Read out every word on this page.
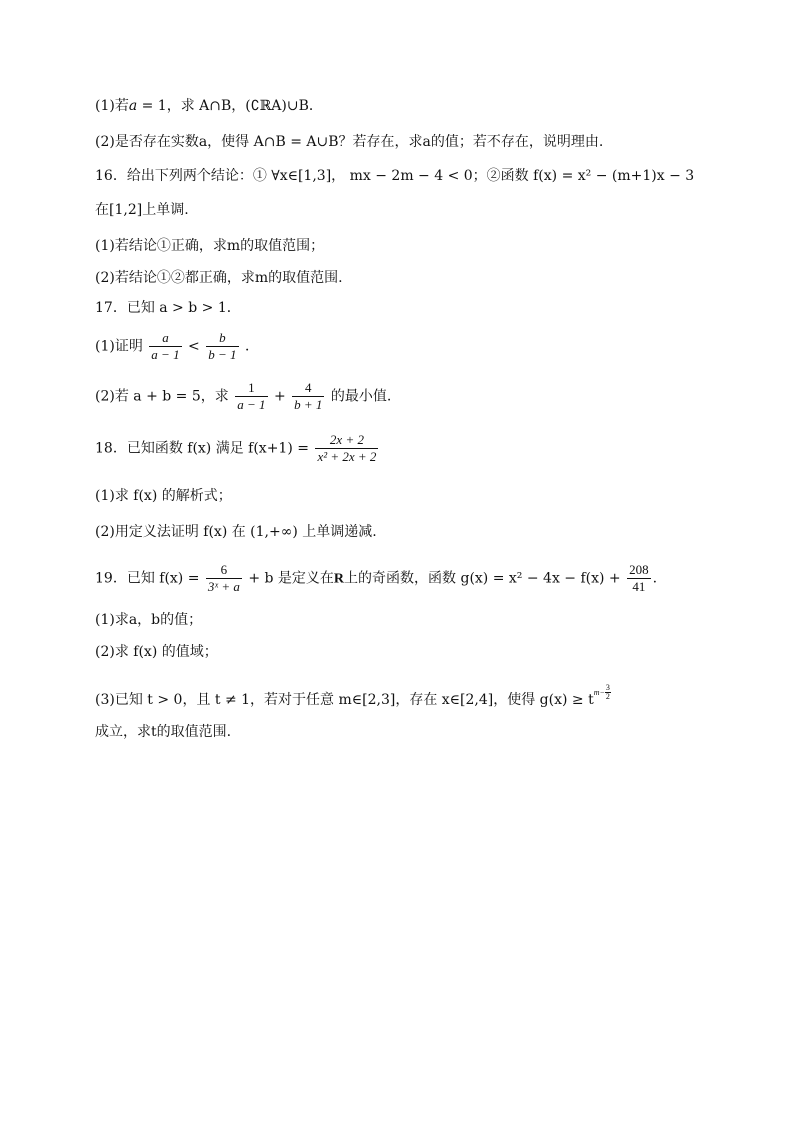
(1)若𝑎 = 1，求 A∩B，(∁ℝA)∪B．
(2)是否存在实数a，使得 A∩B = A∪B？若存在，求a的值；若不存在，说明理由.
16．给出下列两个结论：① ∀x∈[1,3]， mx − 2m − 4 < 0；②函数 f(x) = x² − (m+1)x − 3
在[1,2]上单调.
(1)若结论①正确，求m的取值范围；
(2)若结论①②都正确，求m的取值范围.
17．已知 a > b > 1．
(1)证明 $\frac{a}{a - 1} < \frac{b}{b - 1}$ ．
(2)若 a + b = 5，求 $\frac{1}{a - 1} + \frac{4}{b + 1}$ 的最小值.
18．已知函数 f(x) 满足 $f(x+1) = \frac{2x + 2}{\text{x² + 2x + 2}}$
(1)求 f(x) 的解析式；
(2)用定义法证明 f(x) 在 (1,+∞) 上单调递减.
19．已知 $f(x) = \frac{6}{\text{3ˣ + a}} + b$ 是定义在R上的奇函数，函数 $g(x) = x^2 - 4x - f(x) + \frac{208}{41}$ .
(1)求a，b的值；
(2)求 f(x) 的值域；
(3)已知 t > 0，且 t ≠ 1，若对于任意 m∈[2,3]，存在 x∈[2,4]，使得 $g(x) \ge tm- \frac{3}{2}$
成立，求t的取值范围.
